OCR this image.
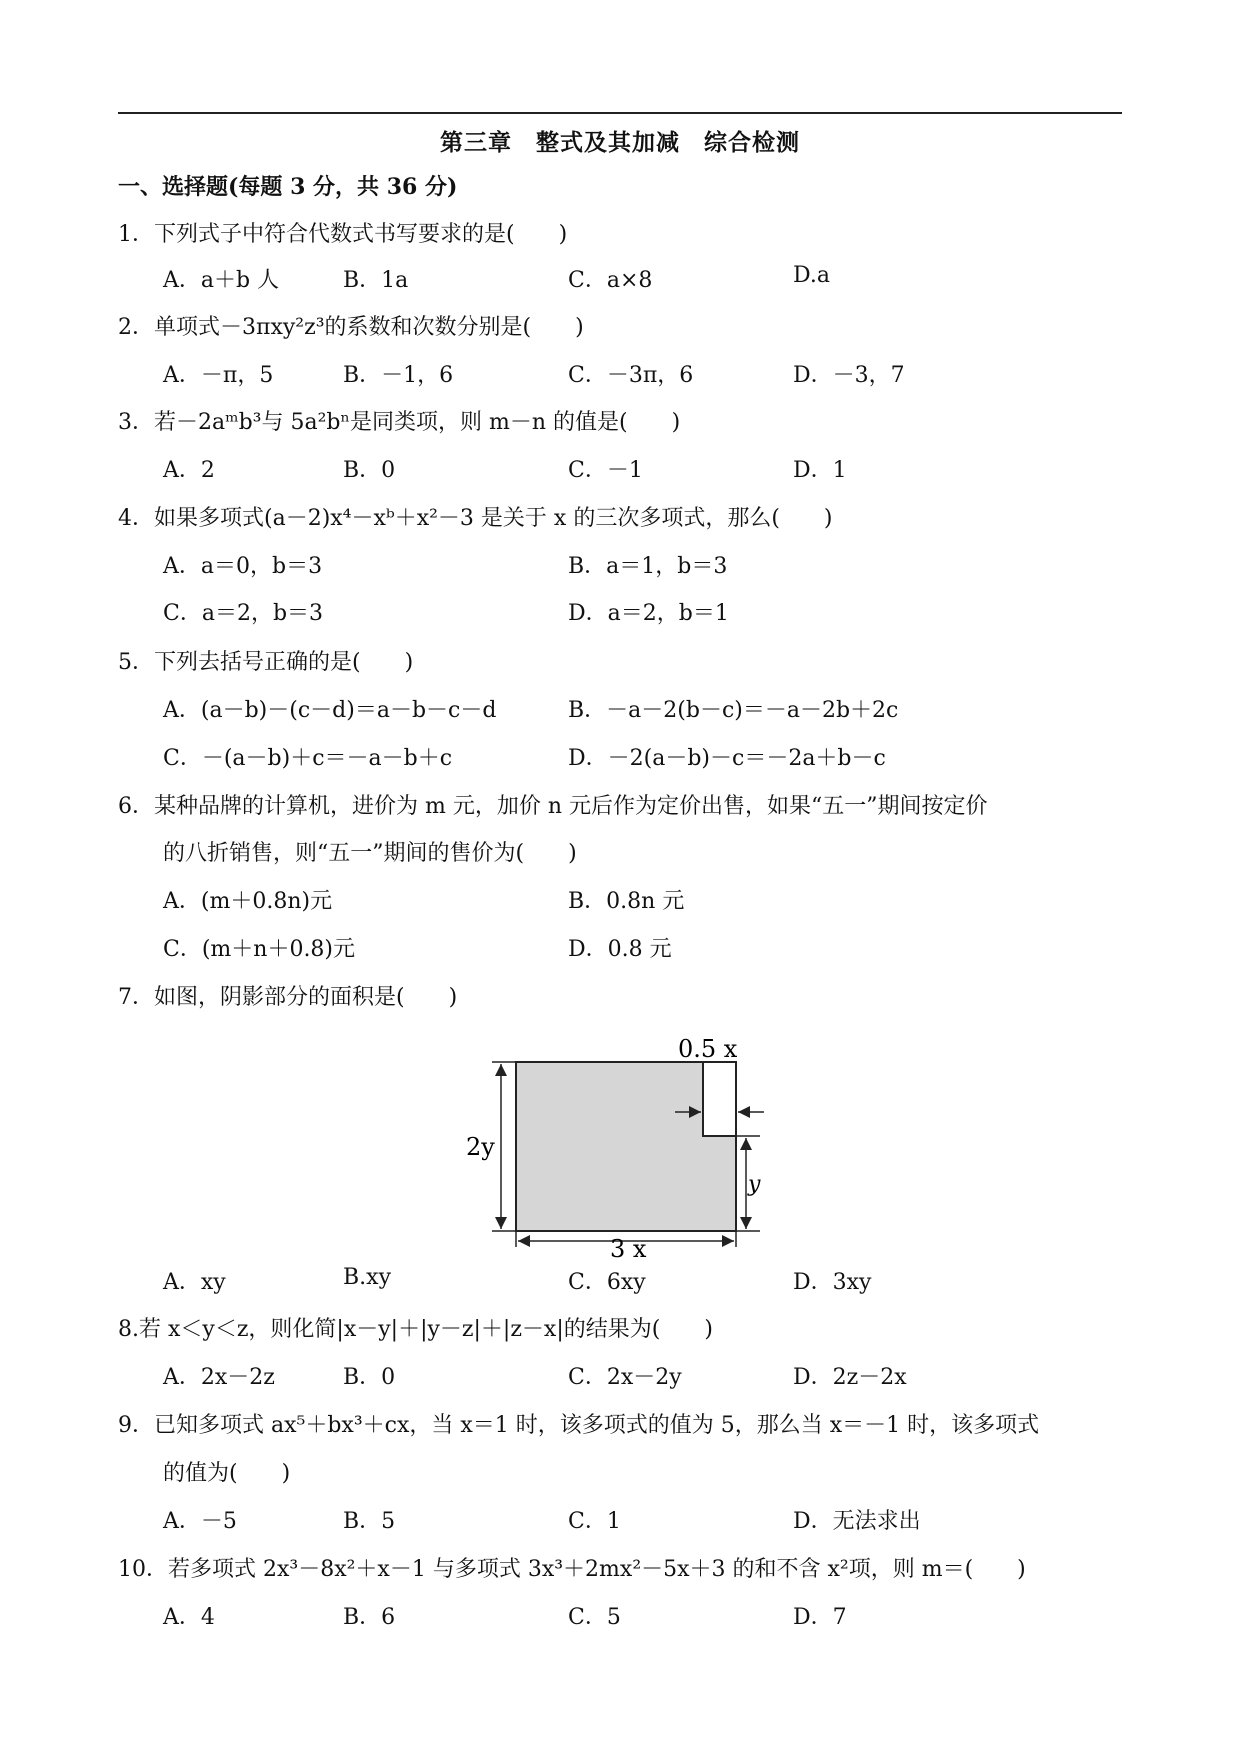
第三章　整式及其加减　综合检测
一、选择题(每题 3 分，共 36 分)
1．下列式子中符合代数式书写要求的是(　　)
A．a＋b 人	B．1a	C．a×8	D.a
2．单项式－3πxy²z³的系数和次数分别是(　　)
A．－π，5	B．－1，6	C．－3π，6	D．－3，7
3．若－2aᵐb³与 5a²bⁿ是同类项，则 m－n 的值是(　　)
A．2	B．0	C．－1	D．1
4．如果多项式(a－2)x⁴－xᵇ＋x²－3 是关于 x 的三次多项式，那么(　　)
A．a＝0，b＝3	B．a＝1，b＝3
C．a＝2，b＝3	D．a＝2，b＝1
5．下列去括号正确的是(　　)
A．(a－b)－(c－d)＝a－b－c－d	B．－a－2(b－c)＝－a－2b＋2c
C．－(a－b)＋c＝－a－b＋c	D．－2(a－b)－c＝－2a＋b－c
6．某种品牌的计算机，进价为 m 元，加价 n 元后作为定价出售，如果“五一”期间按定价
的八折销售，则“五一”期间的售价为(　　)
A．(m＋0.8n)元	B．0.8n 元
C．(m＋n＋0.8)元	D．0.8 元
7．如图，阴影部分的面积是(　　)
0.5 x
2y
y
3 x
A．xy	B.xy	C．6xy	D．3xy
8.若 x＜y＜z，则化简|x－y|＋|y－z|＋|z－x|的结果为(　　)
A．2x－2z	B．0	C．2x－2y	D．2z－2x
9．已知多项式 ax⁵＋bx³＋cx，当 x＝1 时，该多项式的值为 5，那么当 x＝－1 时，该多项式
的值为(　　)
A．－5	B．5	C．1	D．无法求出
10．若多项式 2x³－8x²＋x－1 与多项式 3x³＋2mx²－5x＋3 的和不含 x²项，则 m＝(　　)
A．4	B．6	C．5	D．7
